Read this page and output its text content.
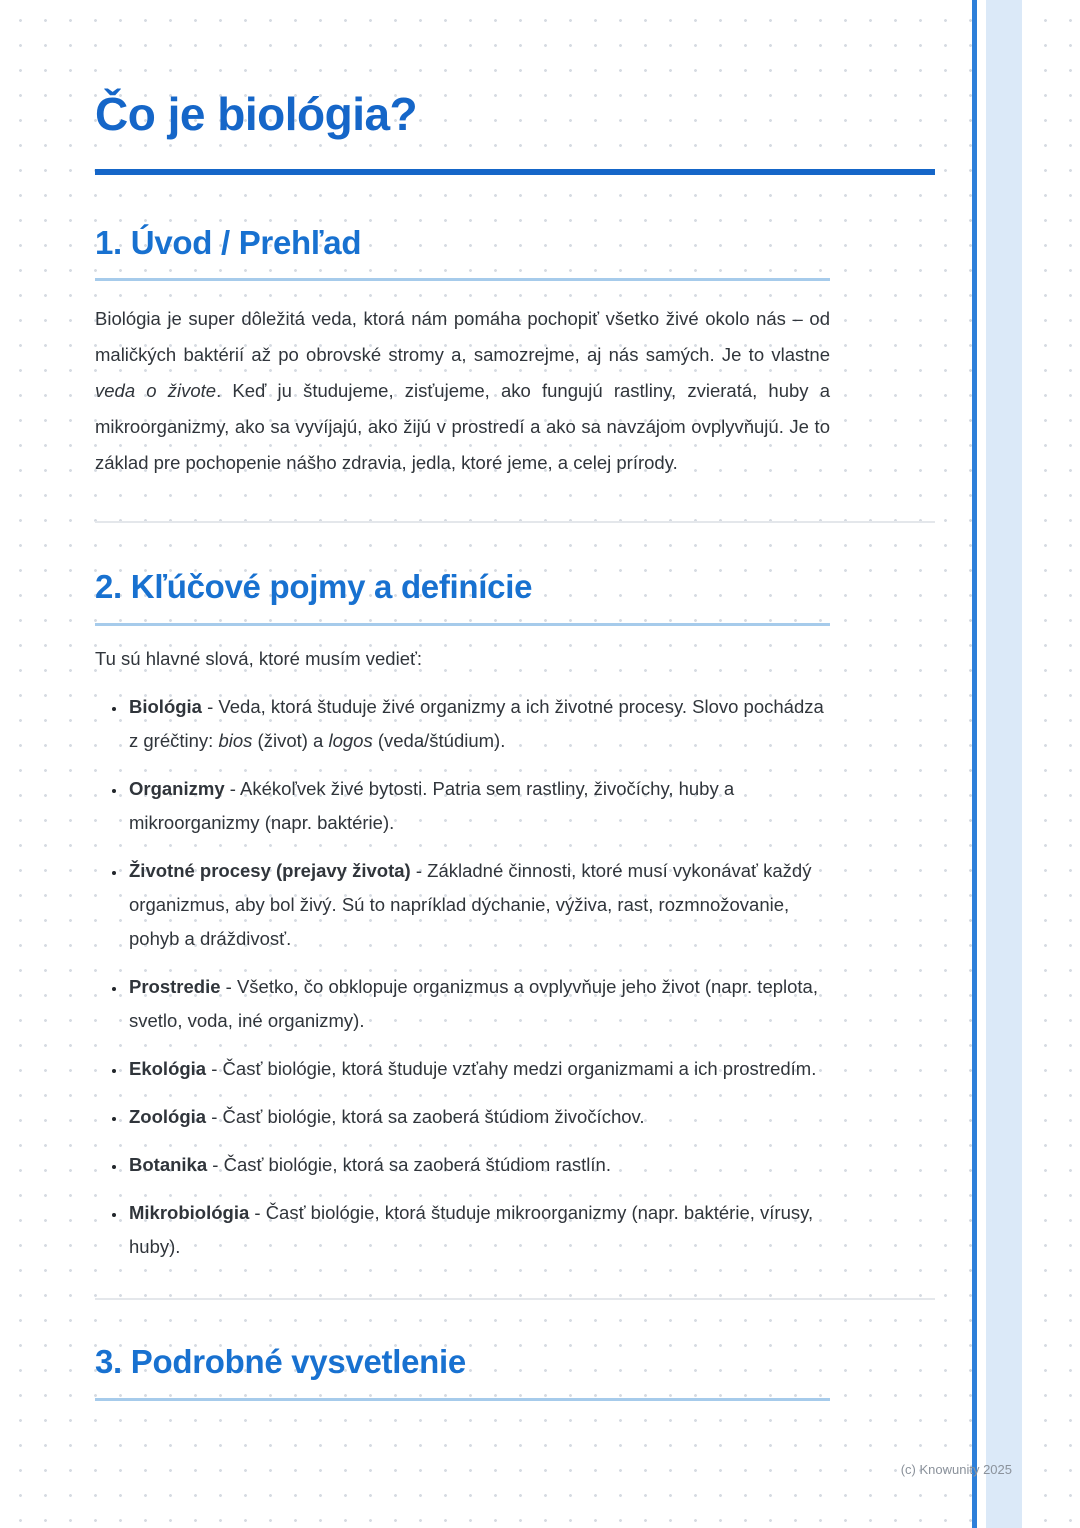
Čo je biológia?
1. Úvod / Prehľad

Biológia je super dôležitá veda, ktorá nám pomáha pochopiť všetko živé okolo nás – od maličkých baktérií až po obrovské stromy a, samozrejme, aj nás samých. Je to vlastne veda o živote. Keď ju študujeme, zisťujeme, ako fungujú rastliny, zvieratá, huby a mikroorganizmy, ako sa vyvíjajú, ako žijú v prostredí a ako sa navzájom ovplyvňujú. Je to základ pre pochopenie nášho zdravia, jedla, ktoré jeme, a celej prírody.

2. Kľúčové pojmy a definície

Tu sú hlavné slová, ktoré musím vedieť:

• Biológia - Veda, ktorá študuje živé organizmy a ich životné procesy. Slovo pochádza z gréčtiny: bios (život) a logos (veda/štúdium).
• Organizmy - Akékoľvek živé bytosti. Patria sem rastliny, živočíchy, huby a mikroorganizmy (napr. baktérie).
• Životné procesy (prejavy života) - Základné činnosti, ktoré musí vykonávať každý organizmus, aby bol živý. Sú to napríklad dýchanie, výživa, rast, rozmnožovanie, pohyb a dráždivosť.
• Prostredie - Všetko, čo obklopuje organizmus a ovplyvňuje jeho život (napr. teplota, svetlo, voda, iné organizmy).
• Ekológia - Časť biológie, ktorá študuje vzťahy medzi organizmami a ich prostredím.
• Zoológia - Časť biológie, ktorá sa zaoberá štúdiom živočíchov.
• Botanika - Časť biológie, ktorá sa zaoberá štúdiom rastlín.
• Mikrobiológia - Časť biológie, ktorá študuje mikroorganizmy (napr. baktérie, vírusy, huby).
3. Podrobné vysvetlenie
(c) Knowunity 2025
